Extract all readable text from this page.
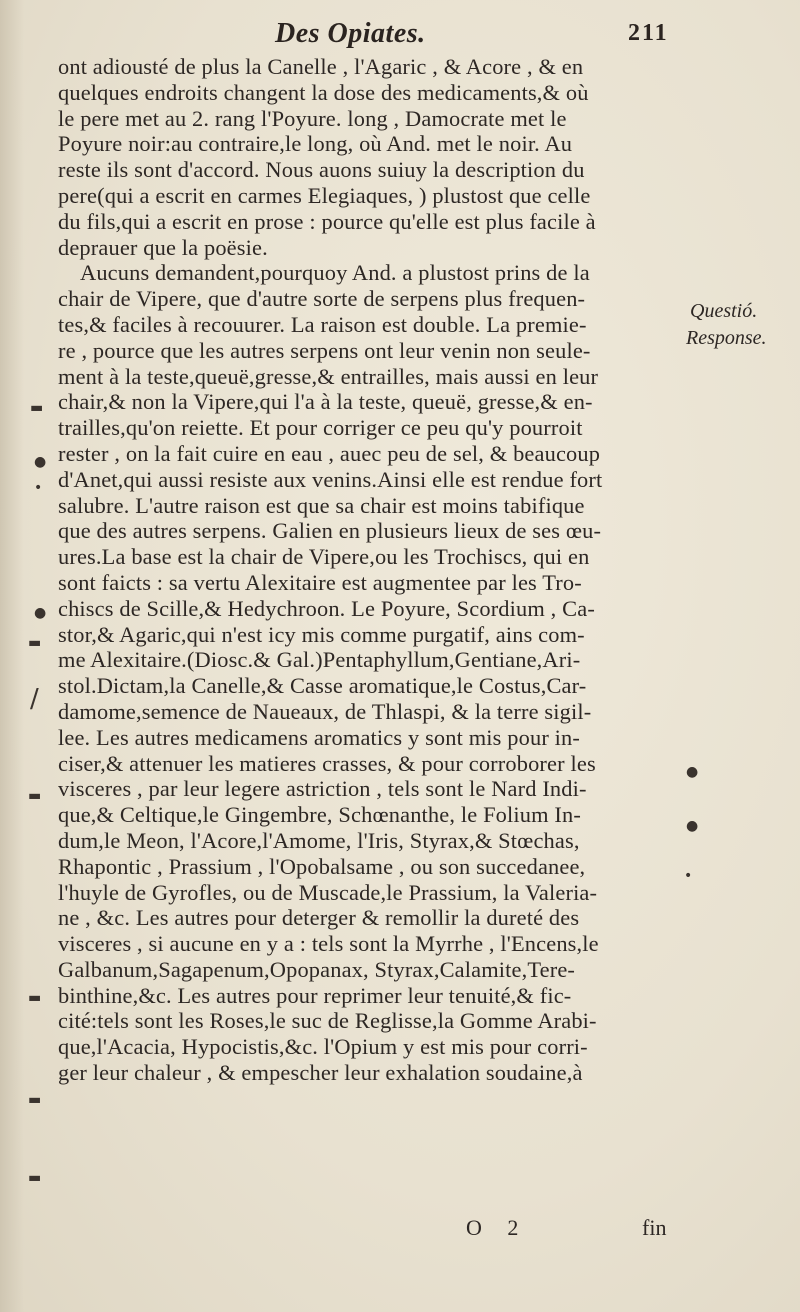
Des Opiates.	211
ont adiousté de plus la Canelle , l'Agaric , & Acore , & en
quelques endroits changent la dose des medicaments,& où
le pere met au 2. rang l'Poyure. long , Damocrate met le
Poyure noir:au contraire,le long, où And. met le noir. Au
reste ils sont d'accord. Nous auons suiuy la description du
pere(qui a escrit en carmes Elegiaques, ) plustost que celle
du fils,qui a escrit en prose : pource qu'elle est plus facile à
deprauer que la poësie.
Aucuns demandent,pourquoy And. a plustost prins de la
chair de Vipere, que d'autre sorte de serpens plus frequen-
tes,& faciles à recouurer. La raison est double. La premie-
re , pource que les autres serpens ont leur venin non seule-
ment à la teste,queuë,gresse,& entrailles, mais aussi en leur
chair,& non la Vipere,qui l'a à la teste, queuë, gresse,& en-
trailles,qu'on reiette. Et pour corriger ce peu qu'y pourroit
rester , on la fait cuire en eau , auec peu de sel, & beaucoup
d'Anet,qui aussi resiste aux venins.Ainsi elle est rendue fort
salubre. L'autre raison est que sa chair est moins tabifique
que des autres serpens. Galien en plusieurs lieux de ses œu-
ures.La base est la chair de Vipere,ou les Trochiscs, qui en
sont faicts : sa vertu Alexitaire est augmentee par les Tro-
chiscs de Scille,& Hedychroon. Le Poyure, Scordium , Ca-
stor,& Agaric,qui n'est icy mis comme purgatif, ains com-
me Alexitaire.(Diosc.& Gal.)Pentaphyllum,Gentiane,Ari-
stol.Dictam,la Canelle,& Casse aromatique,le Costus,Car-
damome,semence de Naueaux, de Thlaspi, & la terre sigil-
lee. Les autres medicamens aromatics y sont mis pour in-
ciser,& attenuer les matieres crasses, & pour corroborer les
visceres , par leur legere astriction , tels sont le Nard Indi-
que,& Celtique,le Gingembre, Schœnanthe, le Folium In-
dum,le Meon, l'Acore,l'Amome, l'Iris, Styrax,& Stœchas,
Rhapontic , Prassium , l'Opobalsame , ou son succedanee,
l'huyle de Gyrofles, ou de Muscade,le Prassium, la Valeria-
ne , &c. Les autres pour deterger & remollir la dureté des
visceres , si aucune en y a : tels sont la Myrrhe , l'Encens,le
Galbanum,Sagapenum,Opopanax, Styrax,Calamite,Tere-
binthine,&c. Les autres pour reprimer leur tenuité,& fic-
cité:tels sont les Roses,le suc de Reglisse,la Gomme Arabi-
que,l'Acacia, Hypocistis,&c. l'Opium y est mis pour corri-
ger leur chaleur , & empescher leur exhalation soudaine,à
Questió.
Response.
▬
●
•
●
▬
/
▬
▬
▬
▬
●
●
•
O 2	fin
